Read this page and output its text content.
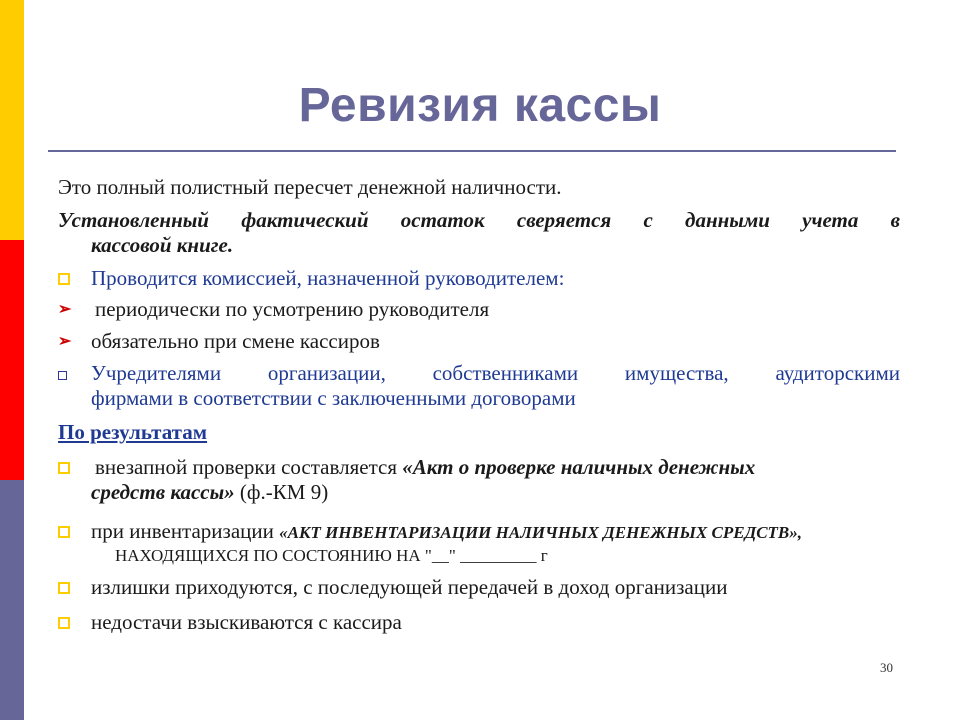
Ревизия кассы
Это полный полистный пересчет денежной наличности.
Установленный фактический остаток сверяется с данными учета в
кассовой книге.
Проводится комиссией, назначенной руководителем:
➢	периодически по усмотрению руководителя
➢ обязательно при смене кассиров
Учредителями организации, собственниками имущества, аудиторскими
фирмами в соответствии с заключенными договорами
По результатам
внезапной проверки составляется «Акт о проверке наличных денежных
средств кассы» (ф.-КМ 9)
при инвентаризации «АКТ ИНВЕНТАРИЗАЦИИ НАЛИЧНЫХ ДЕНЕЖНЫХ СРЕДСТВ»,
НАХОДЯЩИХСЯ ПО СОСТОЯНИЮ НА "__" _________ г
излишки приходуются, с последующей передачей в доход организации
недостачи взыскиваются с кассира
30
